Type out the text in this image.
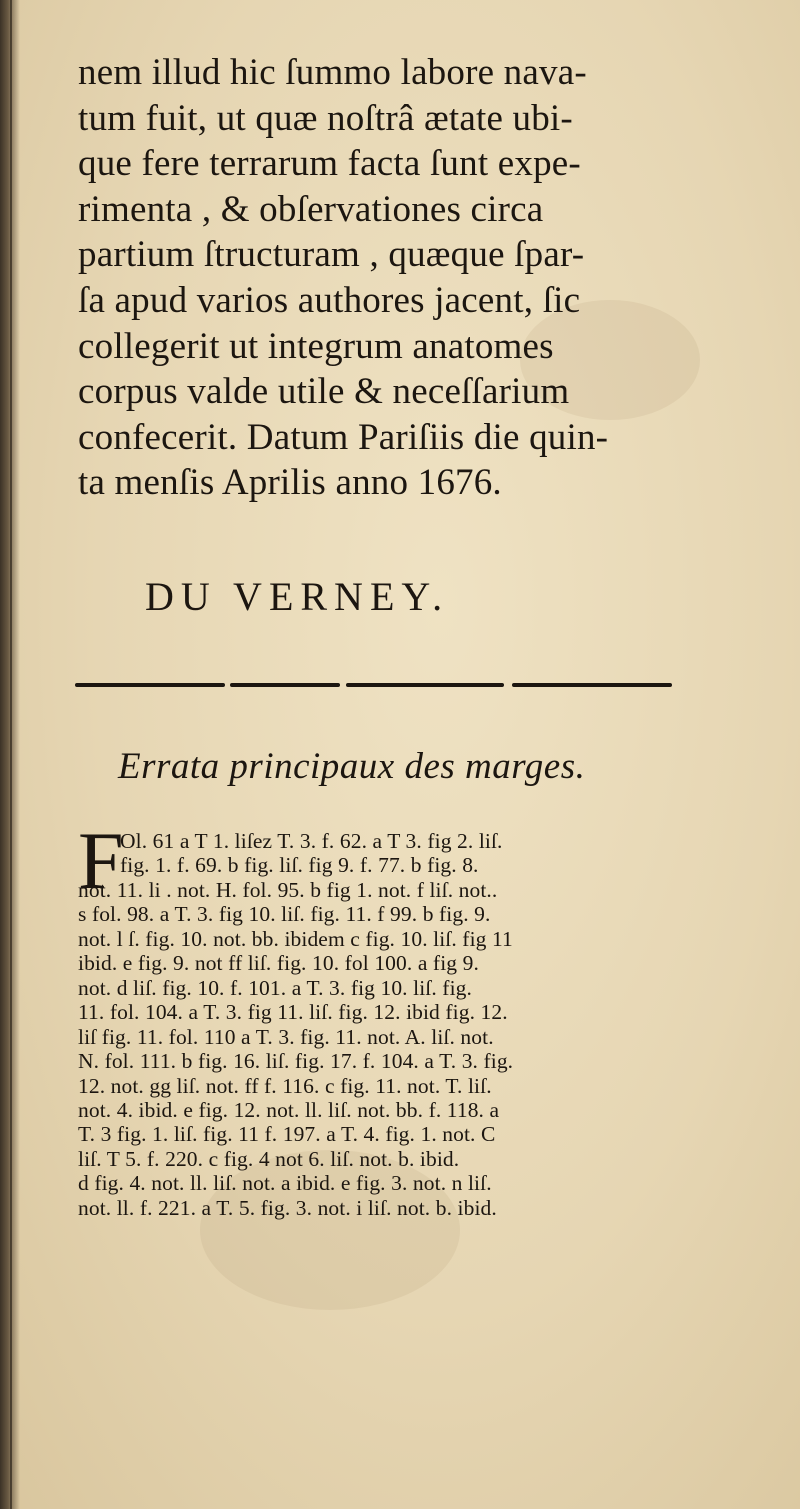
nem illud hic ſummo labore nava-
tum fuit, ut quæ noſtrâ ætate ubi-
que fere terrarum facta ſunt expe-
rimenta , & obſervationes circa
partium ſtructuram , quæque ſpar-
ſa apud varios authores jacent, ſic
collegerit ut integrum anatomes
corpus valde utile & neceſſarium
confecerit. Datum Pariſiis die quin-
ta menſis Aprilis anno 1676.
DU VERNEY.
Errata principaux des marges.
F
Ol. 61 a T 1. liſez T. 3. f. 62. a T 3. fig 2. liſ.
fig. 1. f. 69. b fig. liſ. fig 9. f. 77. b fig. 8.
not. 11. li . not. H. fol. 95. b fig 1. not. f liſ. not..
s fol. 98. a T. 3. fig 10. liſ. fig. 11. f 99. b fig. 9.
not. l ſ. fig. 10. not. bb. ibidem c fig. 10. liſ. fig 11
ibid. e fig. 9. not ff liſ. fig. 10. fol 100. a fig 9.
not. d liſ. fig. 10. f. 101. a T. 3. fig 10. liſ. fig.
11. fol. 104. a T. 3. fig 11. liſ. fig. 12. ibid fig. 12.
liſ fig. 11. fol. 110 a T. 3. fig. 11. not. A. liſ. not.
N. fol. 111. b fig. 16. liſ. fig. 17. f. 104. a T. 3. fig.
12. not. gg liſ. not. ff f. 116. c fig. 11. not. T. liſ.
not. 4. ibid. e fig. 12. not. ll. liſ. not. bb. f. 118. a
T. 3 fig. 1. liſ. fig. 11 f. 197. a T. 4. fig. 1. not. C
liſ. T 5. f. 220. c fig. 4 not 6. liſ. not. b. ibid.
d fig. 4. not. ll. liſ. not. a ibid. e fig. 3. not. n liſ.
not. ll. f. 221. a T. 5. fig. 3. not. i liſ. not. b. ibid.
